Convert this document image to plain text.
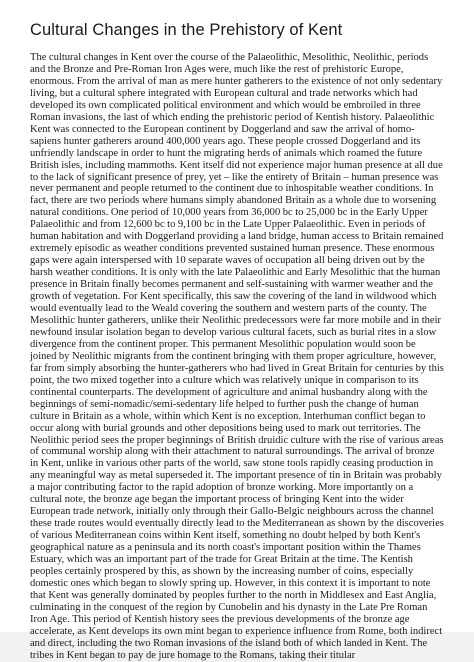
Cultural Changes in the Prehistory of Kent

The cultural changes in Kent over the course of the Palaeolithic, Mesolithic, Neolithic, periods and the Bronze and Pre-Roman Iron Ages were, much like the rest of prehistoric Europe, enormous. From the arrival of man as mere hunter gatherers to the existence of not only sedentary living, but a cultural sphere integrated with European cultural and trade networks which had developed its own complicated political environment and which would be embroiled in three Roman invasions, the last of which ending the prehistoric period of Kentish history. Palaeolithic Kent was connected to the European continent by Doggerland and saw the arrival of homo-sapiens hunter gatherers around 400,000 years ago. These people crossed Doggerland and its unfriendly landscape in order to hunt the migrating herds of animals which roamed the future British isles, including mammoths. Kent itself did not experience major human presence at all due to the lack of significant presence of prey, yet – like the entirety of Britain – human presence was never permanent and people returned to the continent due to inhospitable weather conditions. In fact, there are two periods where humans simply abandoned Britain as a whole due to worsening natural conditions. One period of 10,000 years from 36,000 bc to 25,000 bc in the Early Upper Palaeolithic and from 12,600 bc to 9,100 bc in the Late Upper Palaeolithic. Even in periods of human habitation and with Doggerland providing a land bridge, human access to Britain remained extremely episodic as weather conditions prevented sustained human presence. These enormous gaps were again interspersed with 10 separate waves of occupation all being driven out by the harsh weather conditions. It is only with the late Palaeolithic and Early Mesolithic that the human presence in Britain finally becomes permanent and self-sustaining with warmer weather and the growth of vegetation. For Kent specifically, this saw the covering of the land in wildwood which would eventually lead to the Weald covering the southern and western parts of the county. The Mesolithic hunter gatherers, unlike their Neolithic predecessors were far more mobile and in their newfound insular isolation began to develop various cultural facets, such as burial rites in a slow divergence from the continent proper. This permanent Mesolithic population would soon be joined by Neolithic migrants from the continent bringing with them proper agriculture, however, far from simply absorbing the hunter-gatherers who had lived in Great Britain for centuries by this point, the two mixed together into a culture which was relatively unique in comparison to its continental counterparts. The development of agriculture and animal husbandry along with the beginnings of semi-nomadic/semi-sedentary life helped to further push the change of human culture in Britain as a whole, within which Kent is no exception. Interhuman conflict began to occur along with burial grounds and other depositions being used to mark out territories. The Neolithic period sees the proper beginnings of British druidic culture with the rise of various areas of communal worship along with their attachment to natural surroundings. The arrival of bronze in Kent, unlike in various other parts of the world, saw stone tools rapidly ceasing production in any meaningful way as metal superseded it. The important presence of tin in Britain was probably a major contributing factor to the rapid adoption of bronze working. More importantly on a cultural note, the bronze age began the important process of bringing Kent into the wider European trade network, initially only through their Gallo-Belgic neighbours across the channel these trade routes would eventually directly lead to the Mediterranean as shown by the discoveries of various Mediterranean coins within Kent itself, something no doubt helped by both Kent's geographical nature as a peninsula and its north coast's important position within the Thames Estuary, which was an important part of the trade for Great Britain at the time. The Kentish peoples certainly prospered by this, as shown by the increasing number of coins, especially domestic ones which began to slowly spring up. However, in this context it is important to note that Kent was generally dominated by peoples further to the north in Middlesex and East Anglia, culminating in the conquest of the region by Cunobelin and his dynasty in the Late Pre Roman Iron Age. This period of Kentish history sees the previous developments of the bronze age accelerate, as Kent develops its own mint began to experience influence from Rome, both indirect and direct, including the two Roman invasions of the island both of which landed in Kent. The tribes in Kent began to pay de jure homage to the Romans, taking their titular
